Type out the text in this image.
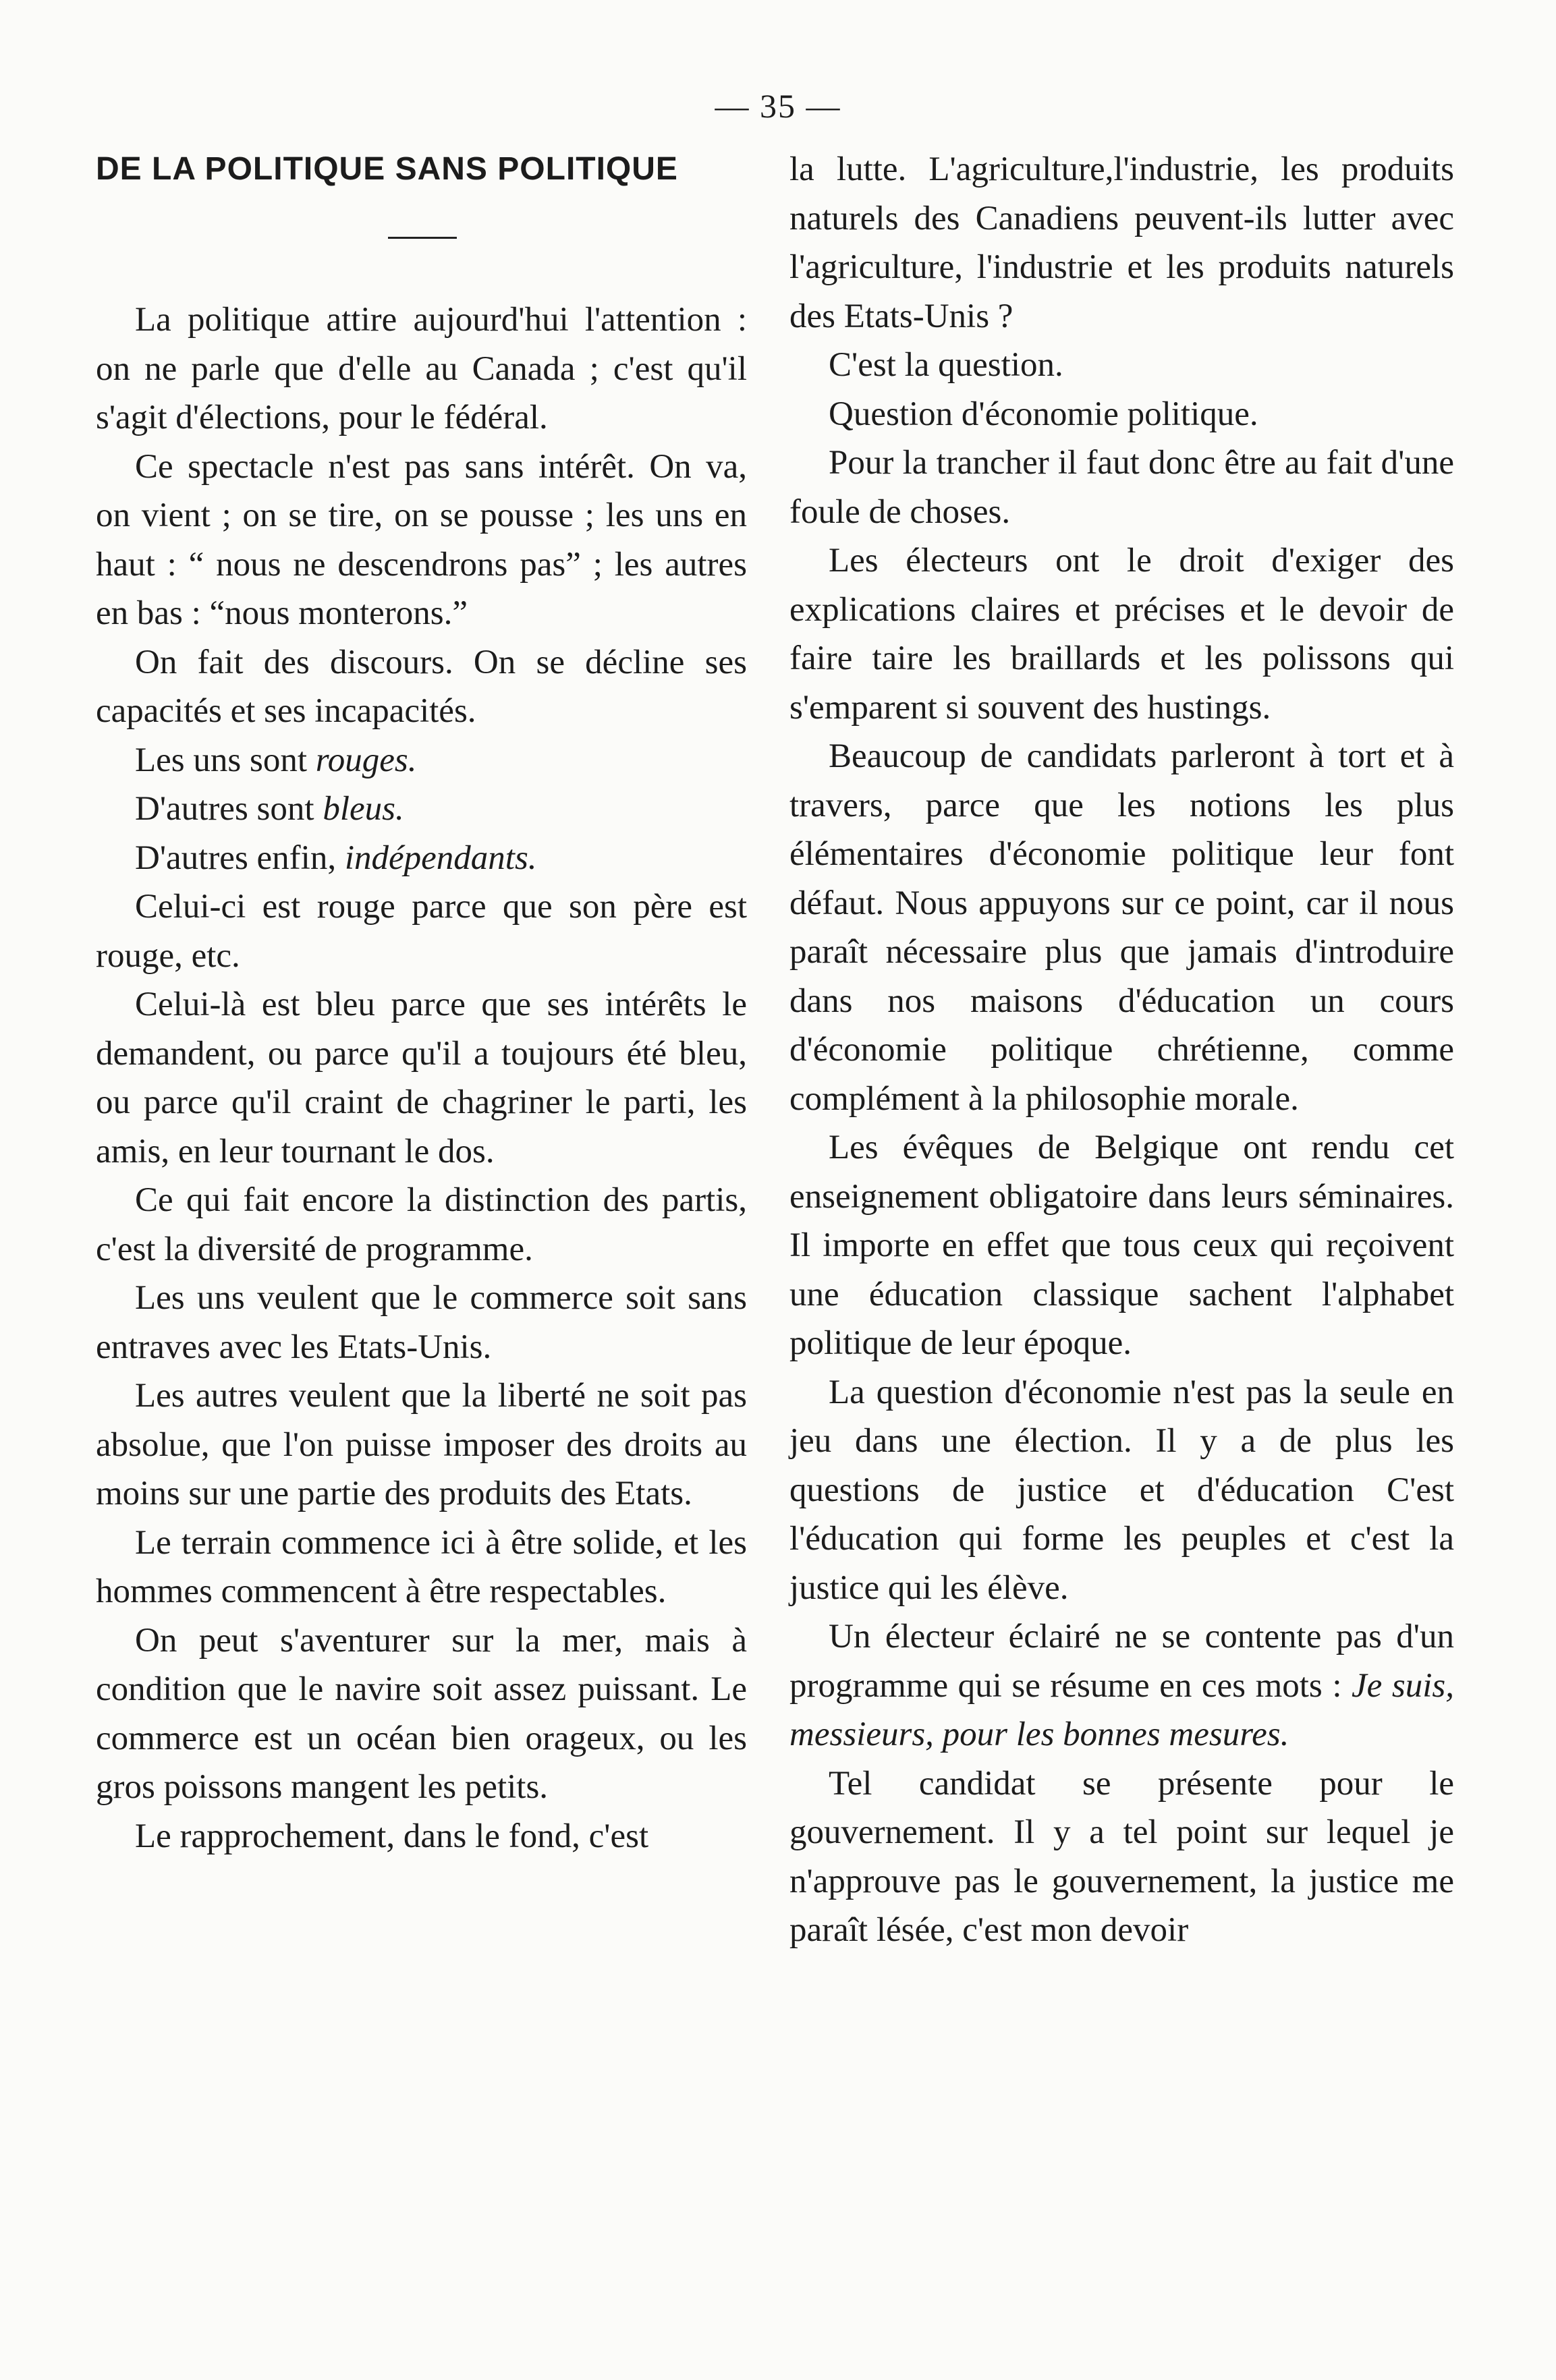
— 35 —

DE LA POLITIQUE SANS POLITIQUE

La politique attire aujourd'hui l'attention : on ne parle que d'elle au Canada ; c'est qu'il s'agit d'élections, pour le fédéral.

Ce spectacle n'est pas sans intérêt. On va, on vient ; on se tire, on se pousse ; les uns en haut : “ nous ne descendrons pas” ; les autres en bas : “nous monterons.”

On fait des discours. On se décline ses capacités et ses incapacités.

Les uns sont rouges.

D'autres sont bleus.

D'autres enfin, indépendants.

Celui-ci est rouge parce que son père est rouge, etc.

Celui-là est bleu parce que ses intérêts le demandent, ou parce qu'il a toujours été bleu, ou parce qu'il craint de chagriner le parti, les amis, en leur tournant le dos.

Ce qui fait encore la distinction des partis, c'est la diversité de programme.

Les uns veulent que le commerce soit sans entraves avec les Etats-Unis.

Les autres veulent que la liberté ne soit pas absolue, que l'on puisse imposer des droits au moins sur une partie des produits des Etats.

Le terrain commence ici à être solide, et les hommes commencent à être respectables.

On peut s'aventurer sur la mer, mais à condition que le navire soit assez puissant. Le commerce est un océan bien orageux, ou les gros poissons mangent les petits.

Le rapprochement, dans le fond, c'est

la lutte. L'agriculture,l'industrie, les produits naturels des Canadiens peuvent-ils lutter avec l'agriculture, l'industrie et les produits naturels des Etats-Unis ?

C'est la question.

Question d'économie politique.

Pour la trancher il faut donc être au fait d'une foule de choses.

Les électeurs ont le droit d'exiger des explications claires et précises et le devoir de faire taire les braillards et les polissons qui s'emparent si souvent des hustings.

Beaucoup de candidats parleront à tort et à travers, parce que les notions les plus élémentaires d'économie politique leur font défaut. Nous appuyons sur ce point, car il nous paraît nécessaire plus que jamais d'introduire dans nos maisons d'éducation un cours d'économie politique chrétienne, comme complément à la philosophie morale.

Les évêques de Belgique ont rendu cet enseignement obligatoire dans leurs séminaires. Il importe en effet que tous ceux qui reçoivent une éducation classique sachent l'alphabet politique de leur époque.

La question d'économie n'est pas la seule en jeu dans une élection. Il y a de plus les questions de justice et d'éducation C'est l'éducation qui forme les peuples et c'est la justice qui les élève.

Un électeur éclairé ne se contente pas d'un programme qui se résume en ces mots : Je suis, messieurs, pour les bonnes mesures.

Tel candidat se présente pour le gouvernement. Il y a tel point sur lequel je n'approuve pas le gouvernement, la justice me paraît lésée, c'est mon devoir
